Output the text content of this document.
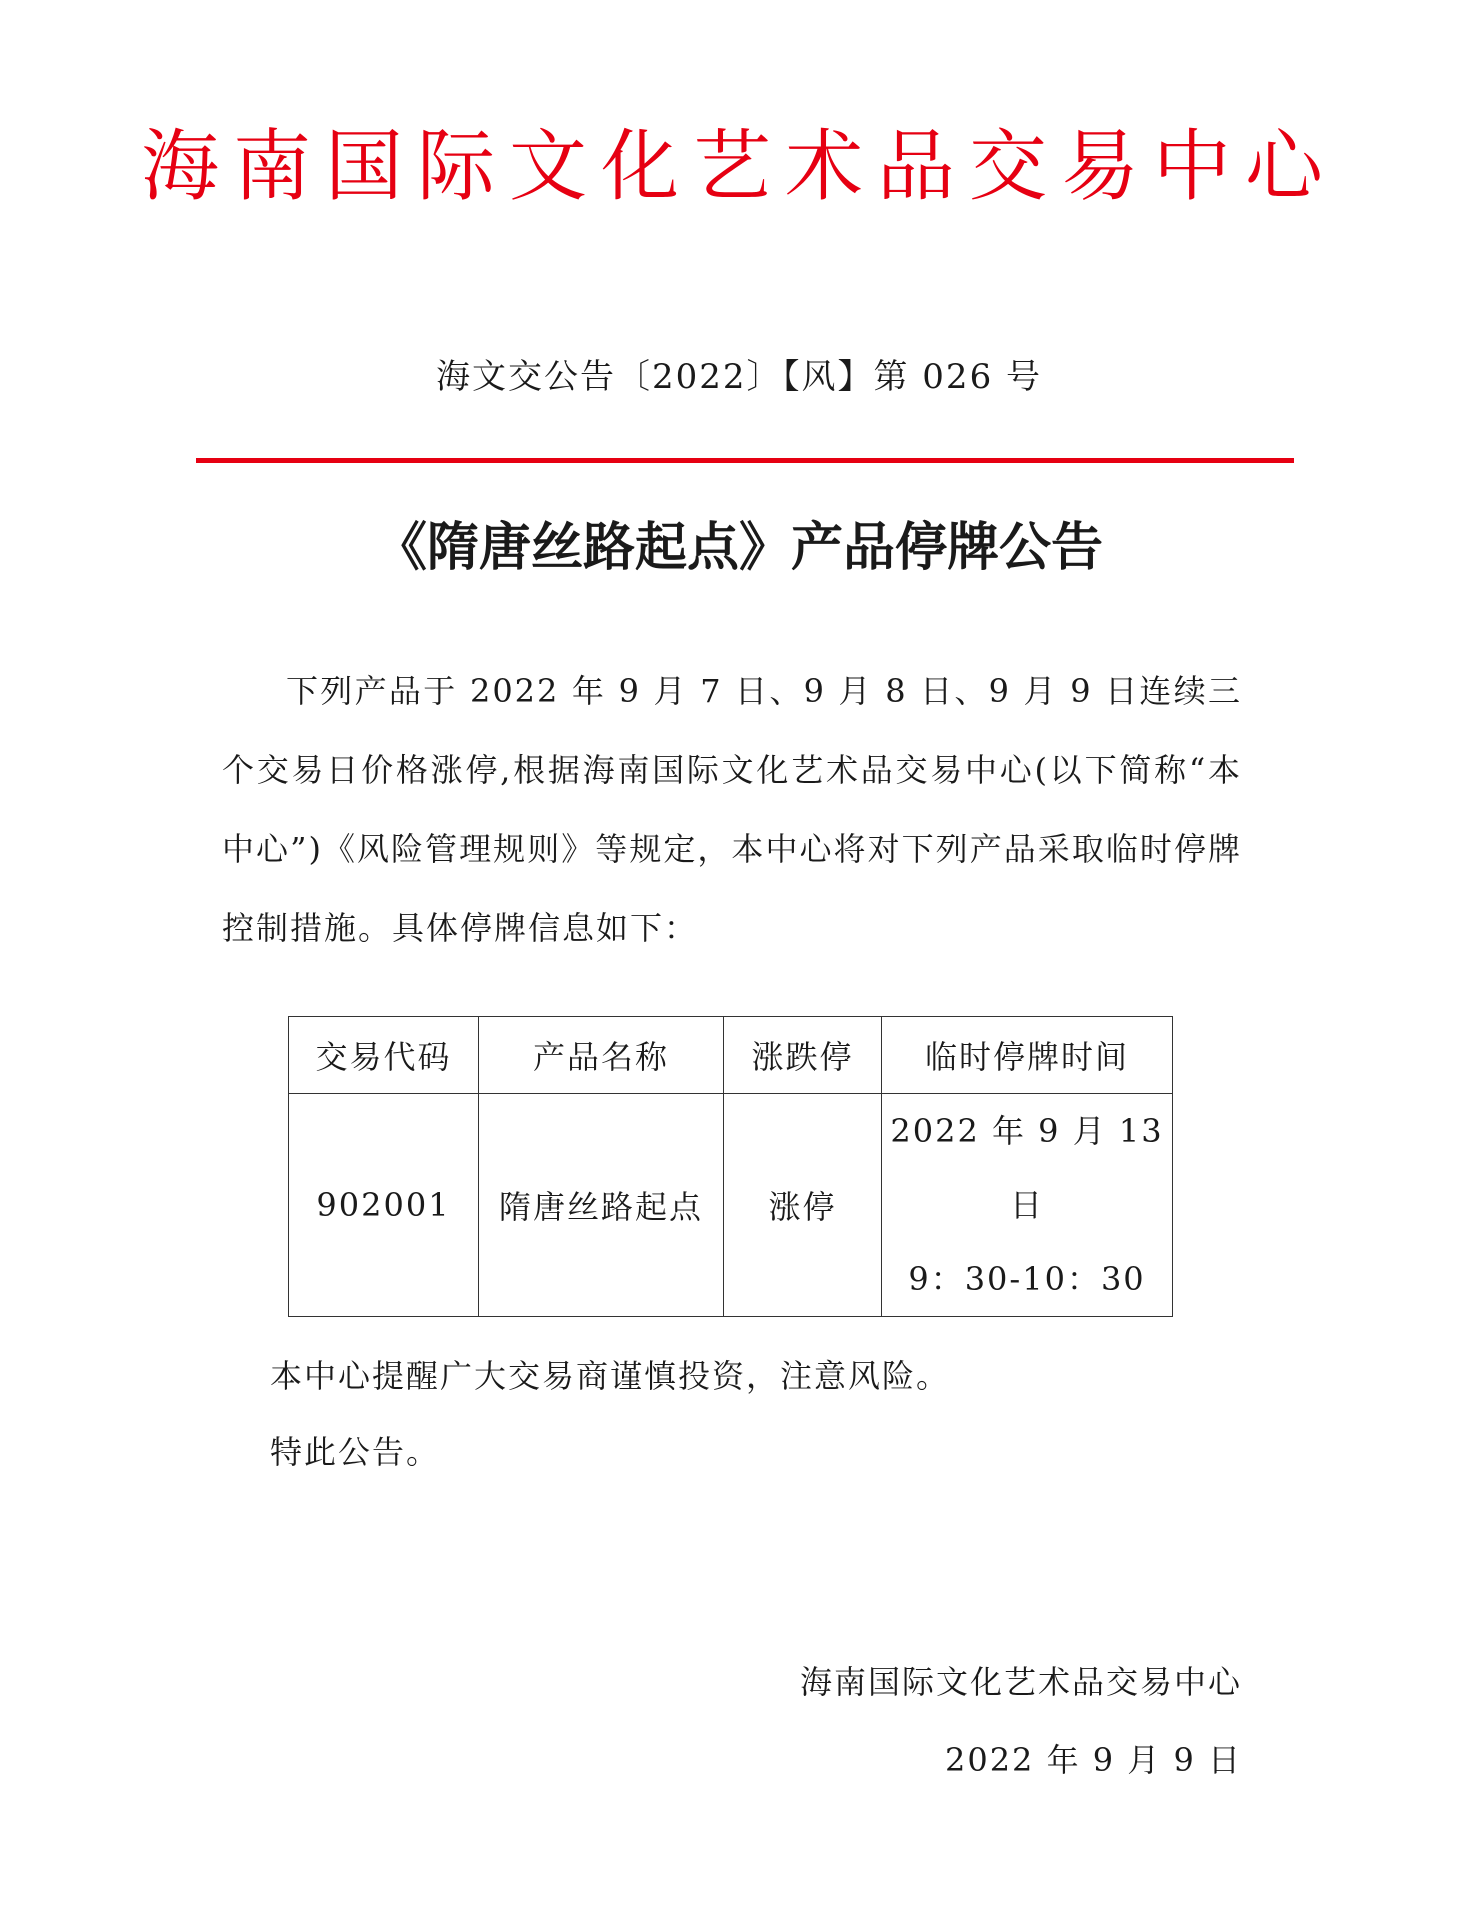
海南国际文化艺术品交易中心
海文交公告〔2022〕【风】第 026 号
《隋唐丝路起点》产品停牌公告

下列产品于 2022 年 9 月 7 日、9 月 8 日、9 月 9 日连续三个交易日价格涨停,根据海南国际文化艺术品交易中心(以下简称“本中心”)《风险管理规则》等规定，本中心将对下列产品采取临时停牌控制措施。具体停牌信息如下：

交易代码	产品名称	涨跌停	临时停牌时间
902001	隋唐丝路起点	涨停	2022 年 9 月 13 日
9：30-10：30
本中心提醒广大交易商谨慎投资，注意风险。
特此公告。
海南国际文化艺术品交易中心
2022 年 9 月 9 日
